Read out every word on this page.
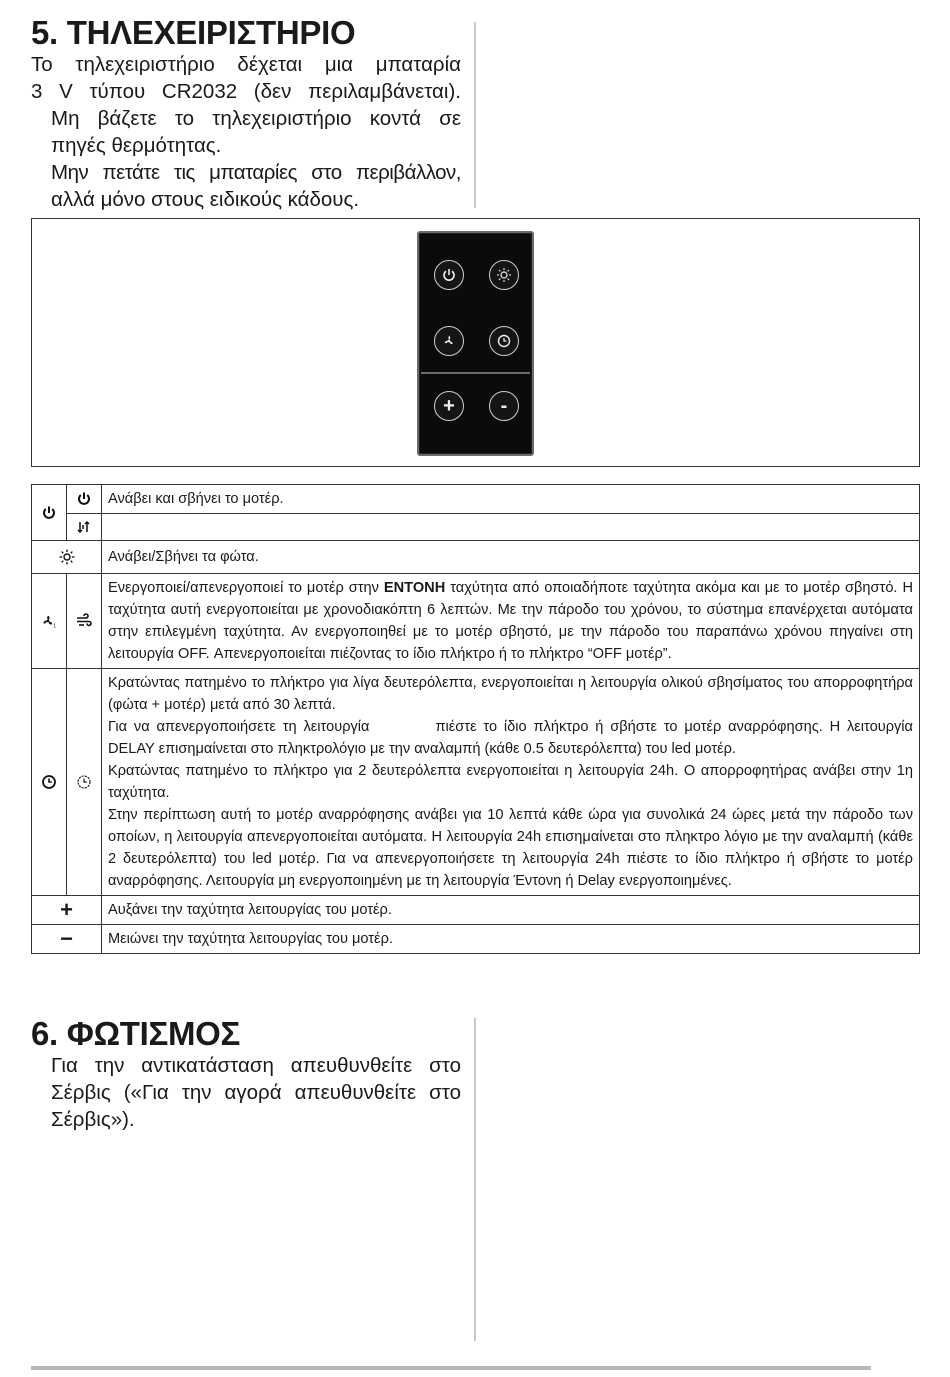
5. ΤΗΛΕΧΕΙΡΙΣΤΗΡΙΟ

Το τηλεχειριστήριο δέχεται μια μπαταρία

3 V τύπου CR2032 (δεν περιλαμβάνεται).

Μη βάζετε το τηλεχειριστήριο κοντά σε

πηγές θερμότητας.

Μην πετάτε τις μπαταρίες στο περιβάλλον,

αλλά μόνο στους ειδικούς κάδους.

+	-

	Ανάβει και σβήνει το μοτέρ.

	Ανάβει/Σβήνει τα φώτα.

1		Ενεργοποιεί/απενεργοποιεί το μοτέρ στην ΕΝΤΟΝΗ ταχύτητα από οποιαδήποτε ταχύτητα ακόμα και με το μοτέρ σβηστό. Η ταχύτητα αυτή ενεργοποιείται με χρονοδιακόπτη 6 λεπτών. Με την πάροδο του χρόνου, το σύστημα επανέρχεται αυτόματα στην επιλεγμένη ταχύτητα. Αν ενεργοποιηθεί με το μοτέρ σβηστό, με την πάροδο του παραπάνω χρόνου πηγαίνει στη λειτουργία OFF. Απενεργοποιείται πιέζοντας το ίδιο πλήκτρο ή το πλήκτρο “OFF μοτέρ”.

Κρατώντας πατημένο το πλήκτρο για λίγα δευτερόλεπτα, ενεργοποιείται η λειτουργία ολικού σβησίματος του απορροφητήρα (φώτα + μοτέρ) μετά από 30 λεπτά.
Για να απενεργοποιήσετε τη λειτουργία πιέστε το ίδιο πλήκτρο ή σβήστε το μοτέρ αναρρόφησης. Η λειτουργία DELAY επισημαίνεται στο πληκτρολόγιο με την αναλαμπή (κάθε 0.5 δευτερόλεπτα) του led μοτέρ.
Κρατώντας πατημένο το πλήκτρο για 2 δευτερόλεπτα ενεργοποιείται η λειτουργία 24h. Ο απορροφητήρας ανάβει στην 1η ταχύτητα.
Στην περίπτωση αυτή το μοτέρ αναρρόφησης ανάβει για 10 λεπτά κάθε ώρα για συνολικά 24 ώρες μετά την πάροδο των οποίων, η λειτουργία απενεργοποιείται αυτόματα. Η λειτουργία 24h επισημαίνεται στο πληκτρο λόγιο με την αναλαμπή (κάθε 2 δευτερόλεπτα) του led μοτέρ. Για να απενεργοποιήσετε τη λειτουργία 24h πιέστε το ίδιο πλήκτρο ή σβήστε το μοτέρ αναρρόφησης. Λειτουργία μη ενεργοποιημένη με τη λειτουργία Έντονη ή Delay ενεργοποιημένες.

+		Αυξάνει την ταχύτητα λειτουργίας του μοτέρ.
−		Μειώνει την ταχύτητα λειτουργίας του μοτέρ.
6. ΦΩΤΙΣΜΟΣ

Για την αντικατάσταση απευθυνθείτε στο

Σέρβις («Για την αγορά απευθυνθείτε στο

Σέρβις»).
